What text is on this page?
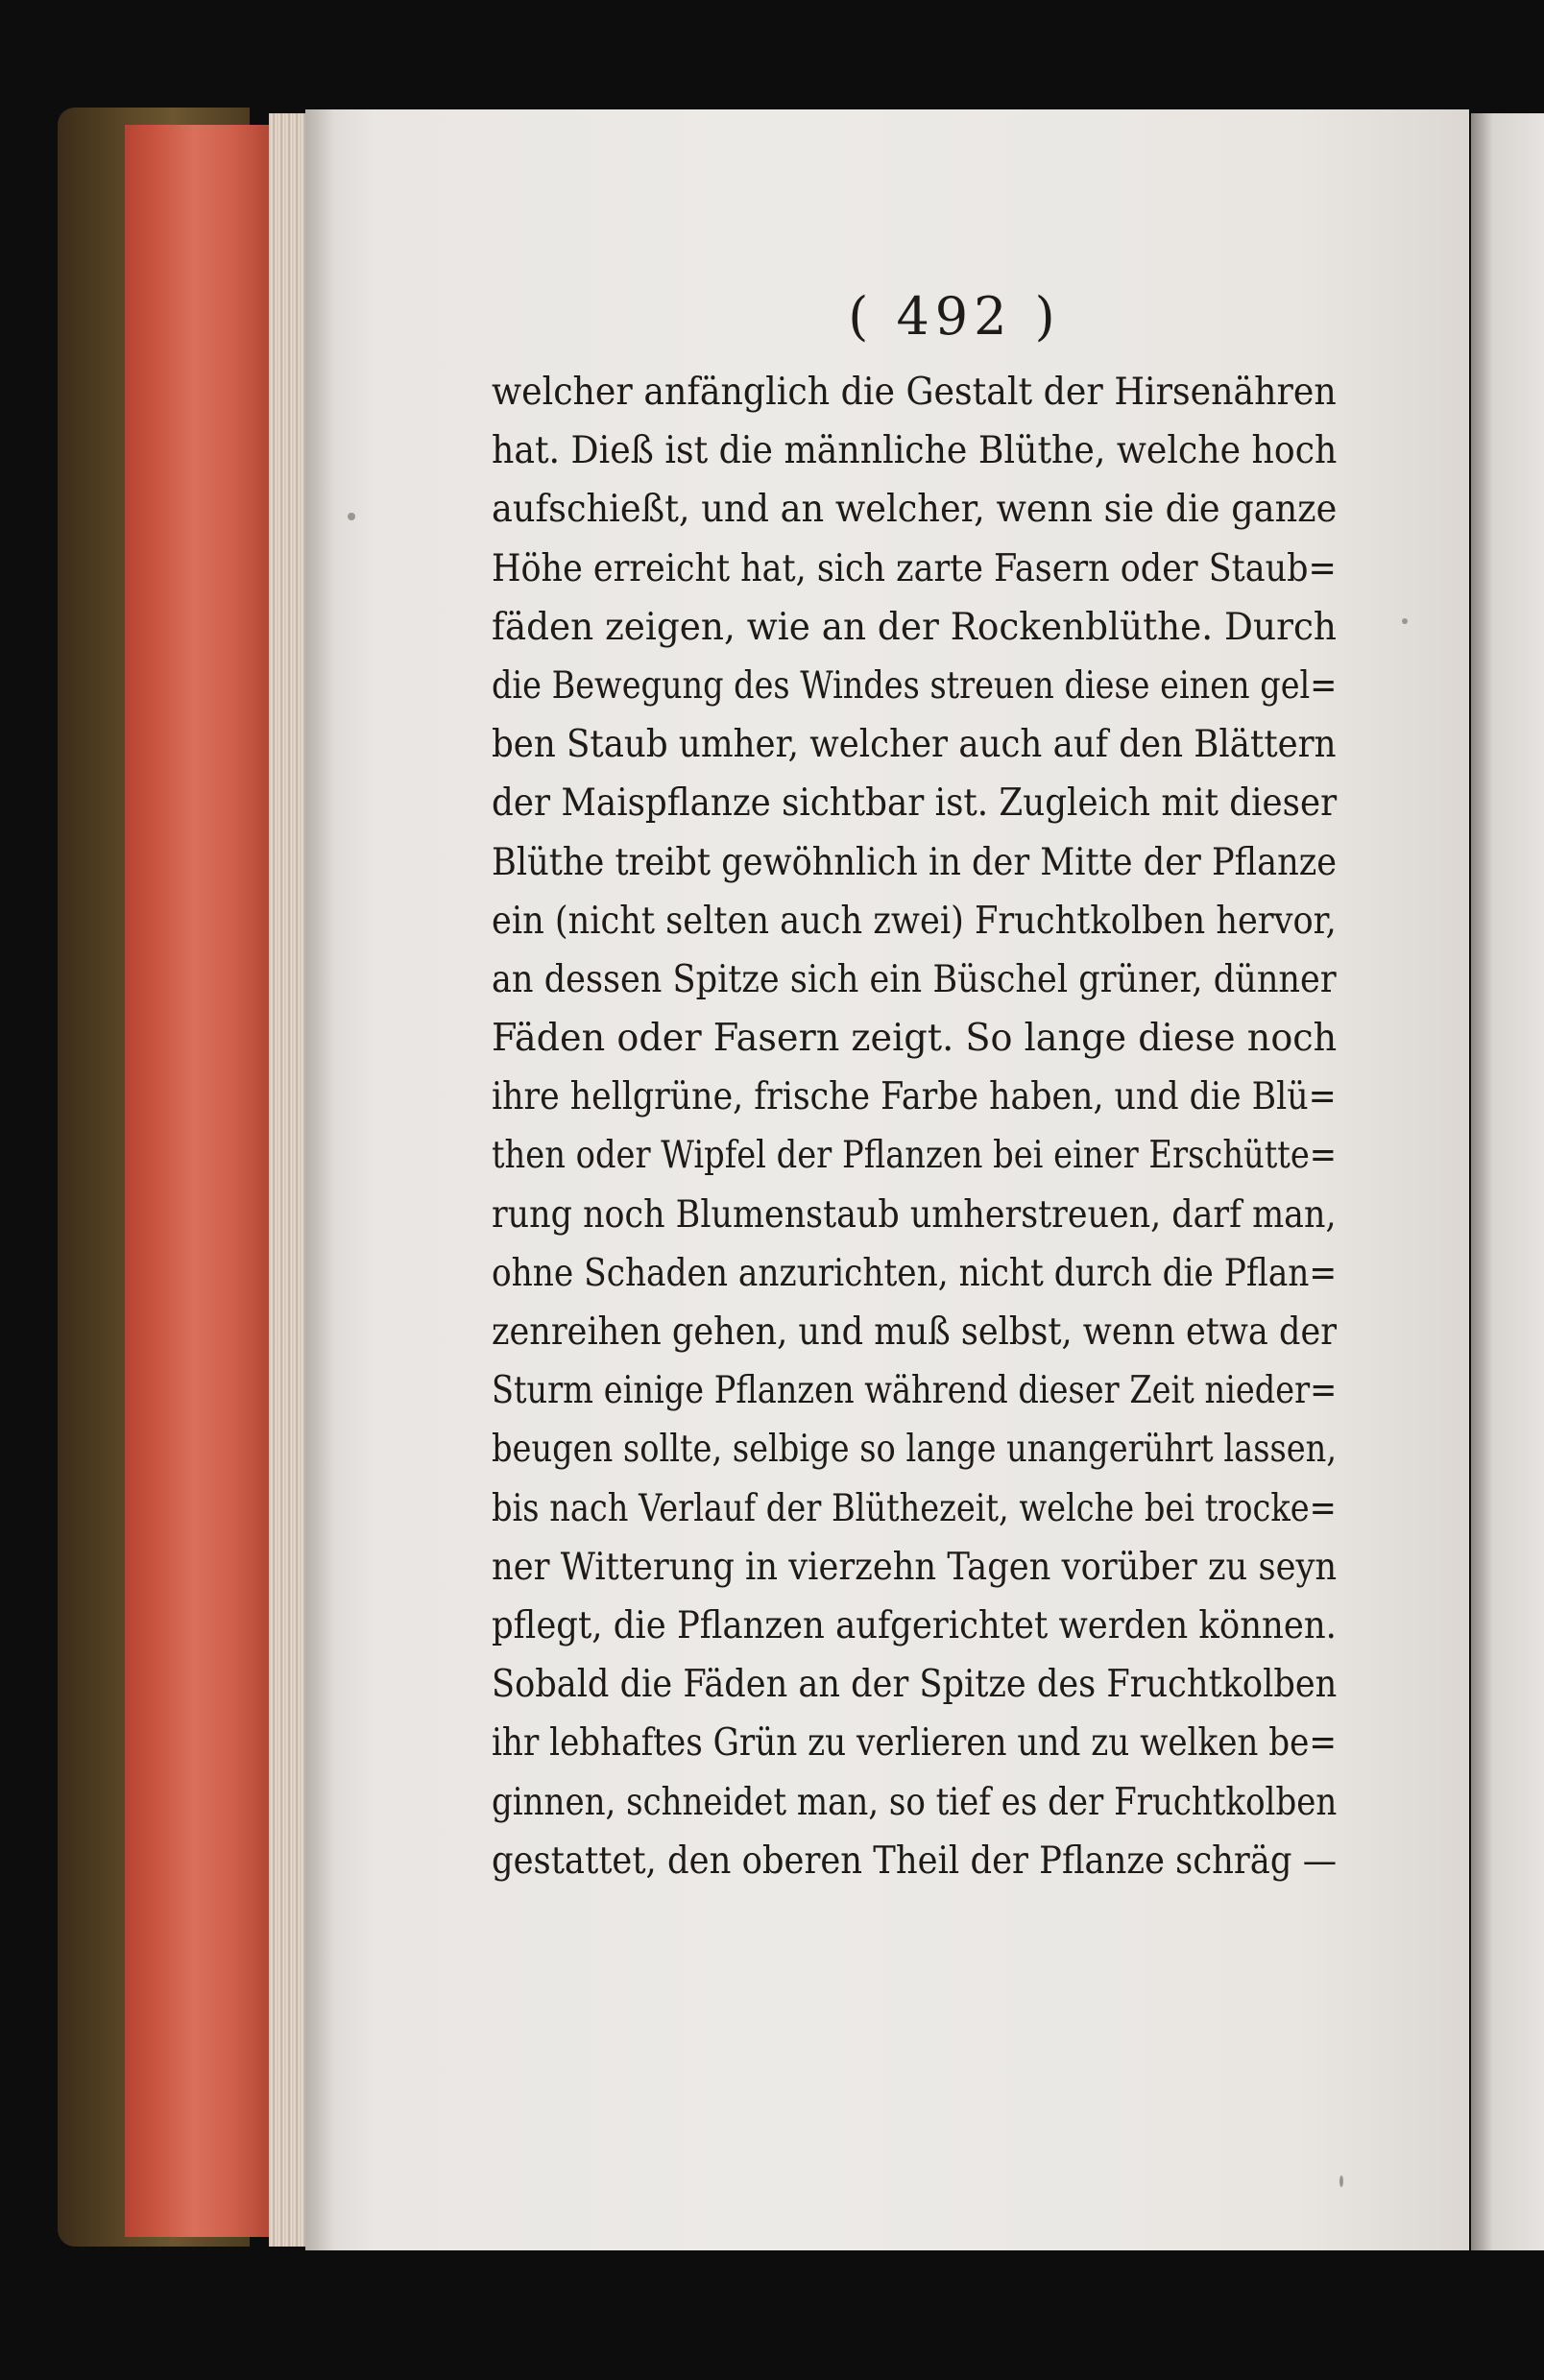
( 492 )
welcher anfänglich die Gestalt der Hirsenähren
hat. Dieß ist die männliche Blüthe, welche hoch
aufschießt, und an welcher, wenn sie die ganze
Höhe erreicht hat, sich zarte Fasern oder Staub=
fäden zeigen, wie an der Rockenblüthe. Durch
die Bewegung des Windes streuen diese einen gel=
ben Staub umher, welcher auch auf den Blättern
der Maispflanze sichtbar ist. Zugleich mit dieser
Blüthe treibt gewöhnlich in der Mitte der Pflanze
ein (nicht selten auch zwei) Fruchtkolben hervor,
an dessen Spitze sich ein Büschel grüner, dünner
Fäden oder Fasern zeigt. So lange diese noch
ihre hellgrüne, frische Farbe haben, und die Blü=
then oder Wipfel der Pflanzen bei einer Erschütte=
rung noch Blumenstaub umherstreuen, darf man,
ohne Schaden anzurichten, nicht durch die Pflan=
zenreihen gehen, und muß selbst, wenn etwa der
Sturm einige Pflanzen während dieser Zeit nieder=
beugen sollte, selbige so lange unangerührt lassen,
bis nach Verlauf der Blüthezeit, welche bei trocke=
ner Witterung in vierzehn Tagen vorüber zu seyn
pflegt, die Pflanzen aufgerichtet werden können.
Sobald die Fäden an der Spitze des Fruchtkolben
ihr lebhaftes Grün zu verlieren und zu welken be=
ginnen, schneidet man, so tief es der Fruchtkolben
gestattet, den oberen Theil der Pflanze schräg —
